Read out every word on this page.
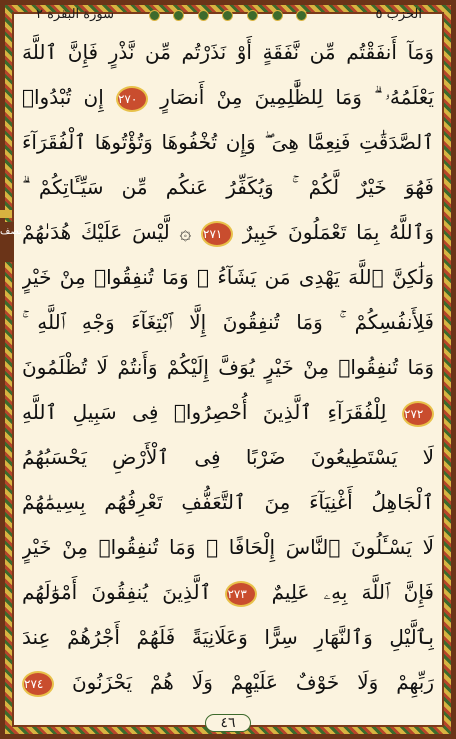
الحزب ٥
سورة البقرة ٢
نصف
وَمَآ أَنفَقْتُم مِّن نَّفَقَةٍ أَوْ نَذَرْتُم مِّن نَّذْرٍ فَإِنَّ ٱللَّهَ
يَعْلَمُهُۥ ۗ وَمَا لِلظَّٰلِمِينَ مِنْ أَنصَارٍ ٢٧٠ إِن تُبْدُوا۟
ٱلصَّدَقَٰتِ فَنِعِمَّا هِىَ ۖ وَإِن تُخْفُوهَا وَتُؤْتُوهَا ٱلْفُقَرَآءَ
فَهُوَ خَيْرٌ لَّكُمْ ۚ وَيُكَفِّرُ عَنكُم مِّن سَيِّـَٔاتِكُمْ ۗ
وَٱللَّهُ بِمَا تَعْمَلُونَ خَبِيرٌ ٢٧١ ۞ لَّيْسَ عَلَيْكَ هُدَىٰهُمْ
وَلَٰكِنَّ ٱللَّهَ يَهْدِى مَن يَشَآءُ ۗ وَمَا تُنفِقُوا۟ مِنْ خَيْرٍ
فَلِأَنفُسِكُمْ ۚ وَمَا تُنفِقُونَ إِلَّا ٱبْتِغَآءَ وَجْهِ ٱللَّهِ ۚ
وَمَا تُنفِقُوا۟ مِنْ خَيْرٍ يُوَفَّ إِلَيْكُمْ وَأَنتُمْ لَا تُظْلَمُونَ
٢٧٢ لِلْفُقَرَآءِ ٱلَّذِينَ أُحْصِرُوا۟ فِى سَبِيلِ ٱللَّهِ
لَا يَسْتَطِيعُونَ ضَرْبًا فِى ٱلْأَرْضِ يَحْسَبُهُمُ
ٱلْجَاهِلُ أَغْنِيَآءَ مِنَ ٱلتَّعَفُّفِ تَعْرِفُهُم بِسِيمَٰهُمْ
لَا يَسْـَٔلُونَ ٱلنَّاسَ إِلْحَافًا ۗ وَمَا تُنفِقُوا۟ مِنْ خَيْرٍ
فَإِنَّ ٱللَّهَ بِهِۦ عَلِيمٌ ٢٧٣ ٱلَّذِينَ يُنفِقُونَ أَمْوَٰلَهُم
بِٱلَّيْلِ وَٱلنَّهَارِ سِرًّا وَعَلَانِيَةً فَلَهُمْ أَجْرُهُمْ عِندَ
رَبِّهِمْ وَلَا خَوْفٌ عَلَيْهِمْ وَلَا هُمْ يَحْزَنُونَ ٢٧٤
٤٦
